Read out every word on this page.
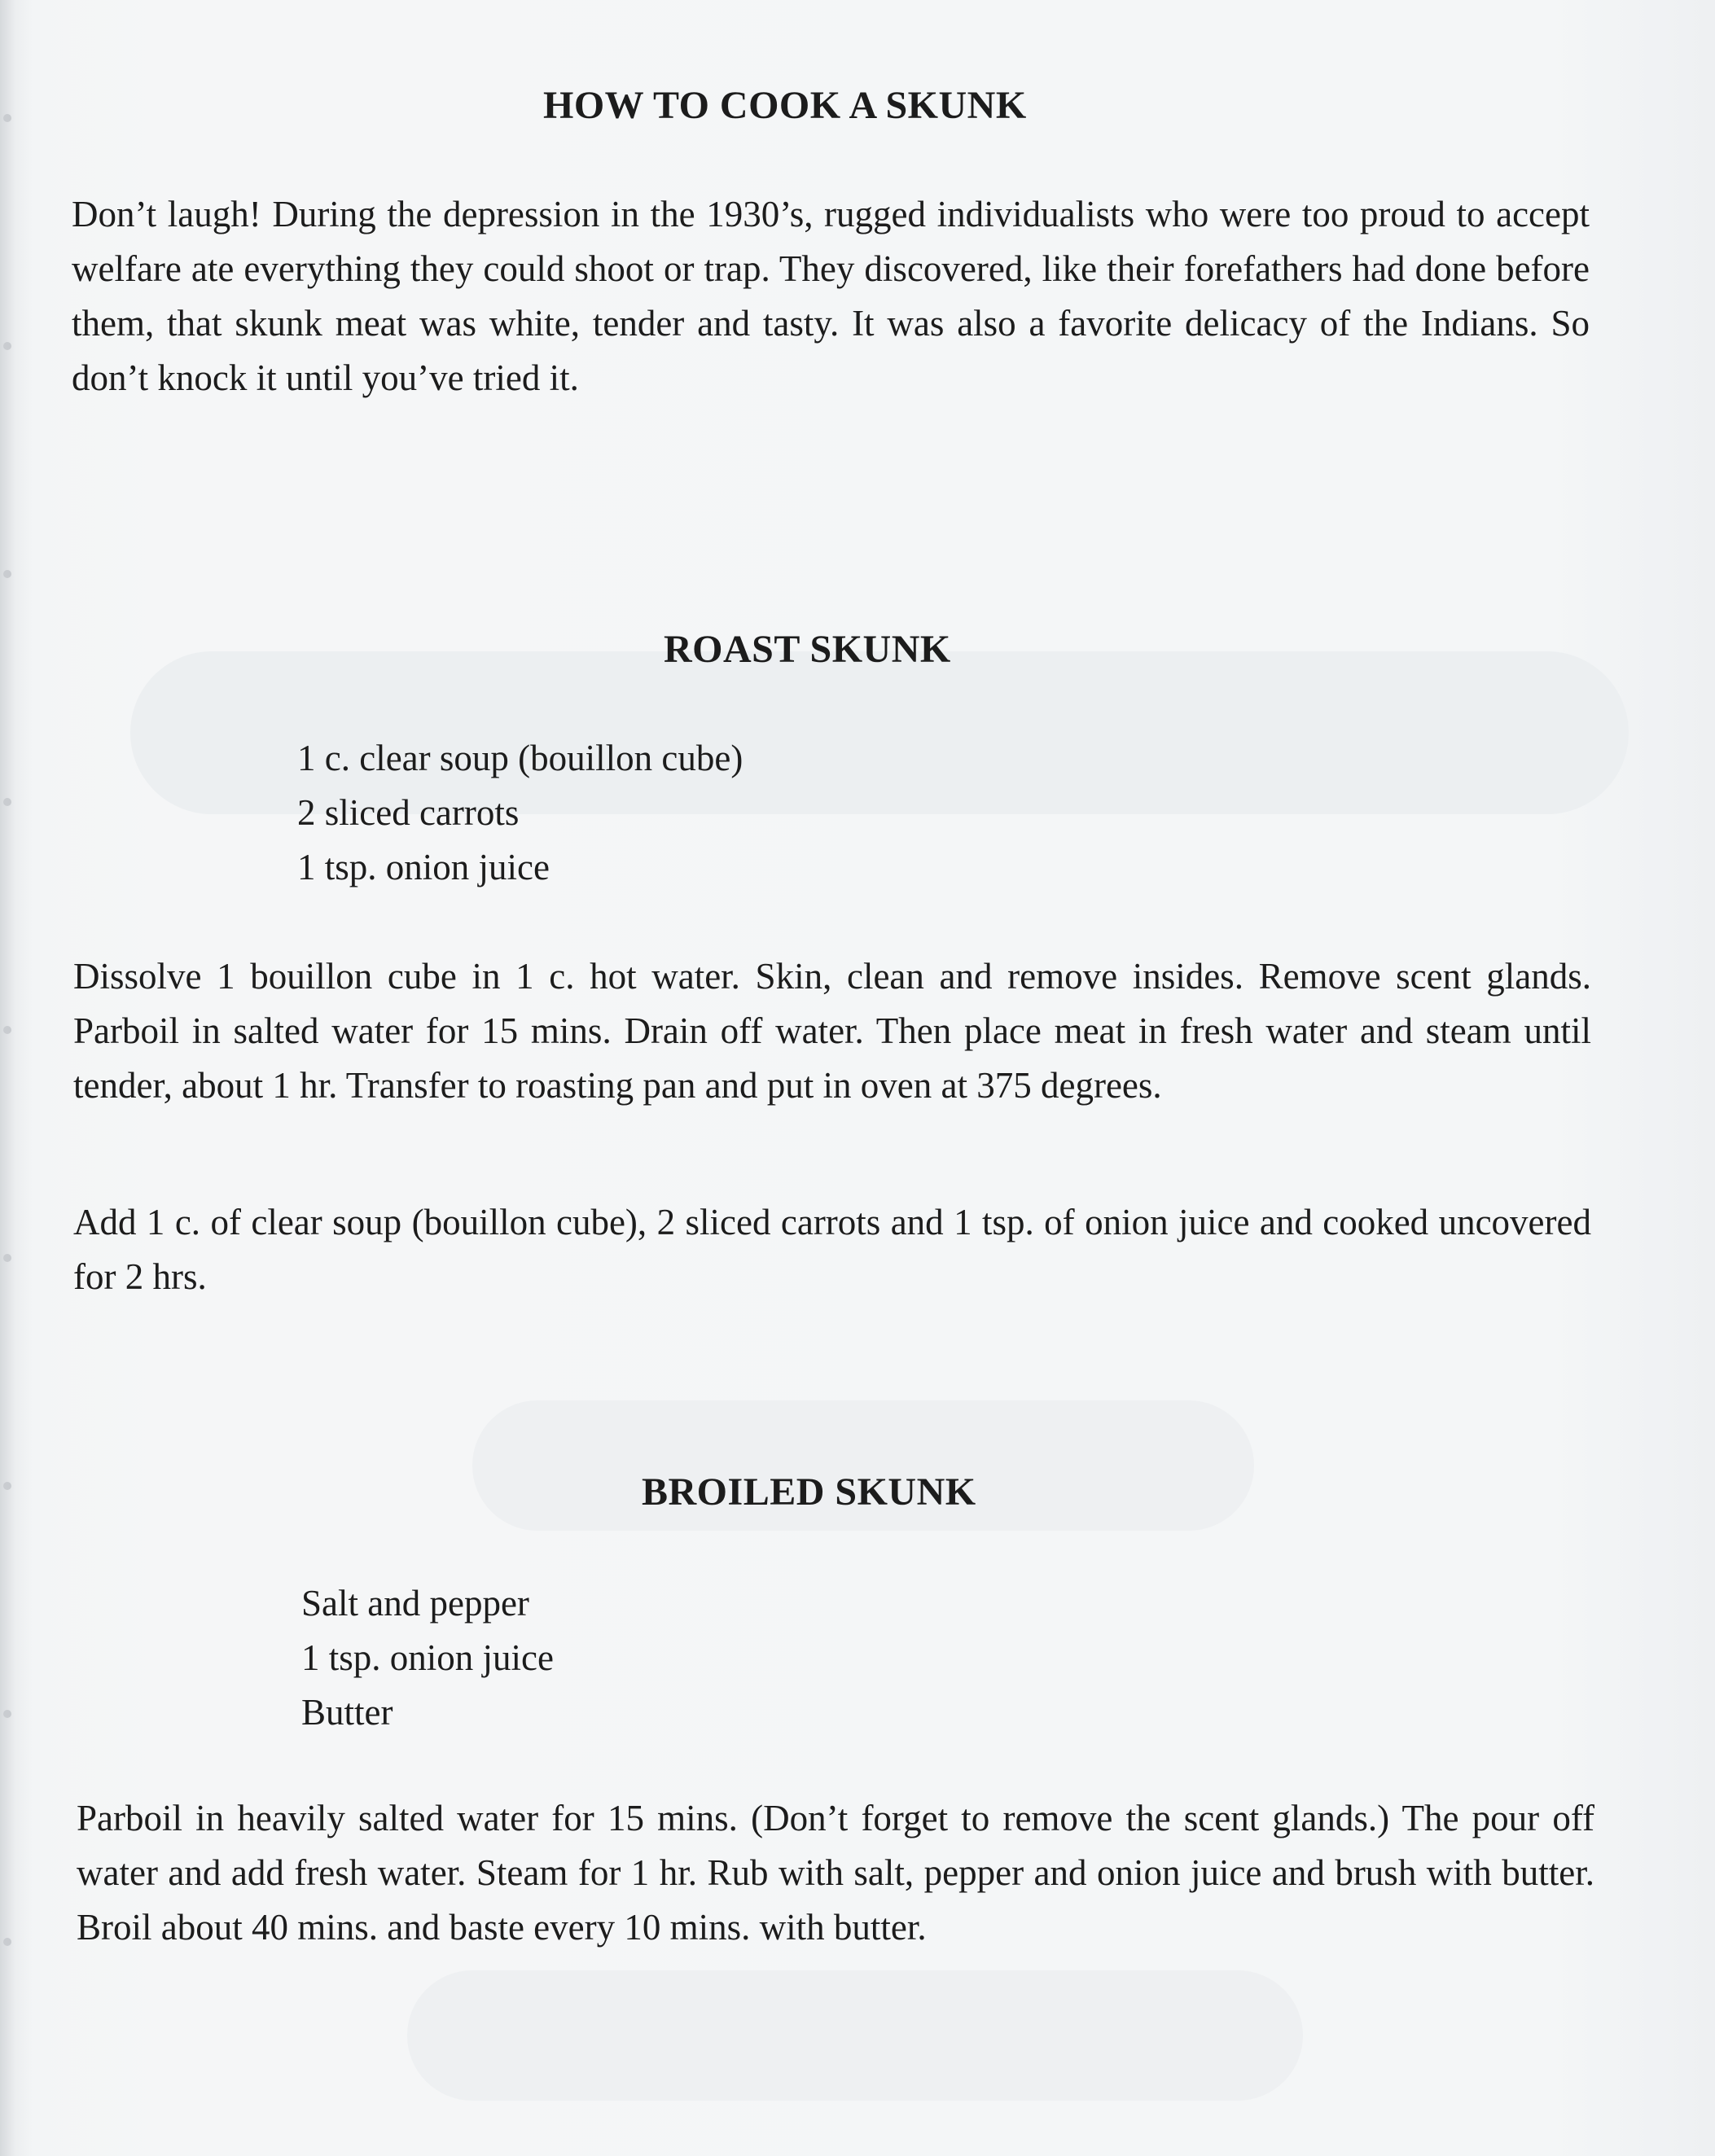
HOW TO COOK A SKUNK

Don’t laugh! During the depression in the 1930’s, rugged individualists who were too proud to accept welfare ate everything they could shoot or trap. They discovered, like their forefathers had done before them, that skunk meat was white, tender and tasty. It was also a favorite delicacy of the Indians. So don’t knock it until you’ve tried it.

ROAST SKUNK
1 c. clear soup (bouillon cube)
2 sliced carrots
1 tsp. onion juice

Dissolve 1 bouillon cube in 1 c. hot water. Skin, clean and remove insides. Remove scent glands. Parboil in salted water for 15 mins. Drain off water. Then place meat in fresh water and steam until tender, about 1 hr. Transfer to roasting pan and put in oven at 375 degrees.

Add 1 c. of clear soup (bouillon cube), 2 sliced carrots and 1 tsp. of onion juice and cooked uncovered for 2 hrs.

BROILED SKUNK
Salt and pepper
1 tsp. onion juice
Butter

Parboil in heavily salted water for 15 mins. (Don’t forget to remove the scent glands.) The pour off water and add fresh water. Steam for 1 hr. Rub with salt, pepper and onion juice and brush with butter. Broil about 40 mins. and baste every 10 mins. with butter.
